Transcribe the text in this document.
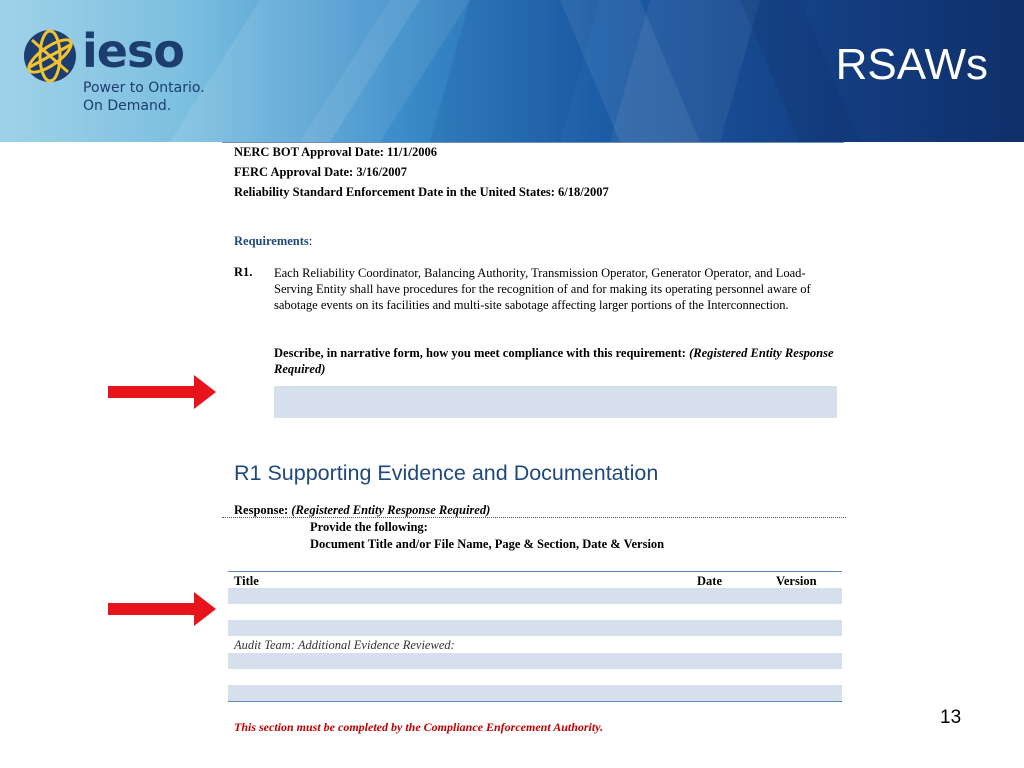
ieso
Power to Ontario.
On Demand.
RSAWs
NERC BOT Approval Date: 11/1/2006
FERC Approval Date: 3/16/2007
Reliability Standard Enforcement Date in the United States: 6/18/2007
Requirements:
R1. Each Reliability Coordinator, Balancing Authority, Transmission Operator, Generator Operator, and Load-Serving Entity shall have procedures for the recognition of and for making its operating personnel aware of sabotage events on its facilities and multi-site sabotage affecting larger portions of the Interconnection.
Describe, in narrative form, how you meet compliance with this requirement: (Registered Entity Response Required)
R1 Supporting Evidence and Documentation
Response: (Registered Entity Response Required)
Provide the following:
Document Title and/or File Name, Page & Section, Date & Version
Title	Date	Version
Audit Team: Additional Evidence Reviewed:
This section must be completed by the Compliance Enforcement Authority.	13
